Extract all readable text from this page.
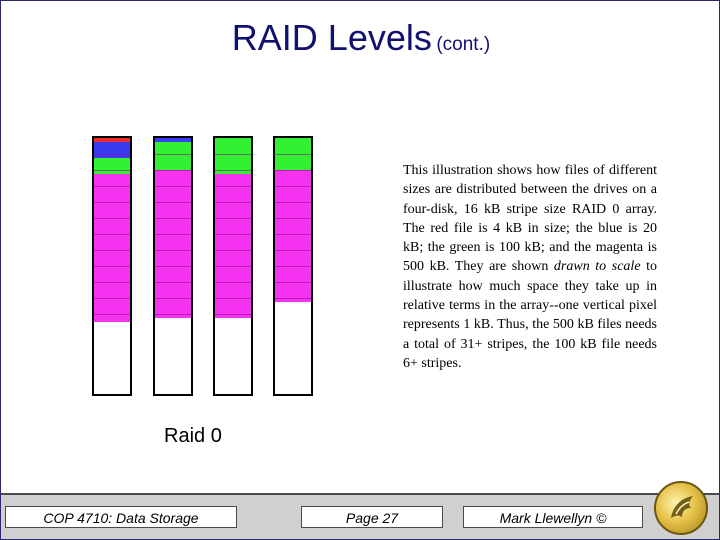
RAID Levels (cont.)
This illustration shows how files of different sizes are distributed between the drives on a four-disk, 16 kB stripe size RAID 0 array. The red file is 4 kB in size; the blue is 20 kB; the green is 100 kB; and the magenta is 500 kB. They are shown drawn to scale to illustrate how much space they take up in relative terms in the array--one vertical pixel represents 1 kB. Thus, the 500 kB files needs a total of 31+ stripes, the 100 kB file needs 6+ stripes.
Raid 0
COP 4710: Data Storage	Page 27	Mark Llewellyn ©
